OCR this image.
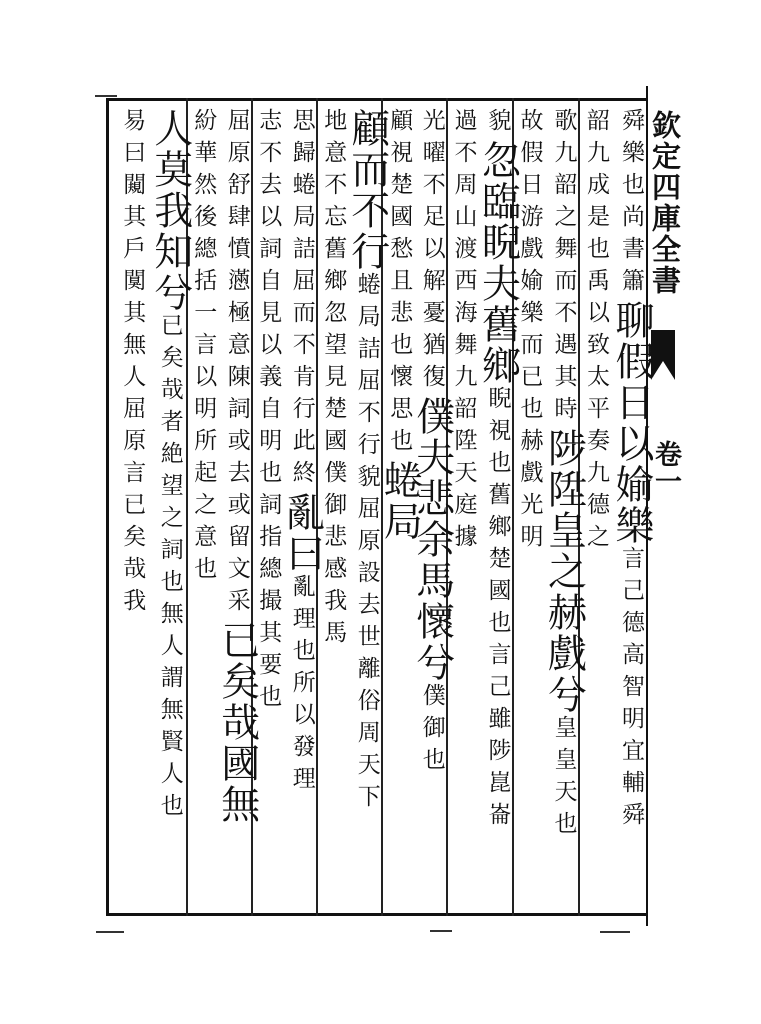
欽定四庫全書
卷一
舜樂也尚書簫聊假日以媮樂言己德高智明宜輔舜
韶九成是也禹以致太平奏九德之
歌九韶之舞而不遇其時陟陞皇之赫戲兮皇皇天也
故假日游戲媮樂而已也赫戲光明
貌忽臨睨夫舊鄉睨視也舊鄉楚國也言己雖陟崑崙
過不周山渡西海舞九韶陞天庭據
光曜不足以解憂猶復僕夫悲余馬懷兮僕御也
顧視楚國愁且悲也懷思也蜷局
顧而不行蜷局詰屈不行貌屈原設去世離俗周天下
地意不忘舊鄉忽望見楚國僕御悲感我馬
思歸蜷局詰屈而不肯行此終亂曰亂理也所以發理
志不去以詞自見以義自明也詞指總撮其要也
屈原舒肆憤懣極意陳詞或去或留文采已矣哉國無
紛華然後總括一言以明所起之意也
人莫我知兮已矣哉者絶望之詞也無人謂無賢人也
易曰闚其戶闃其無人屈原言已矣哉我
